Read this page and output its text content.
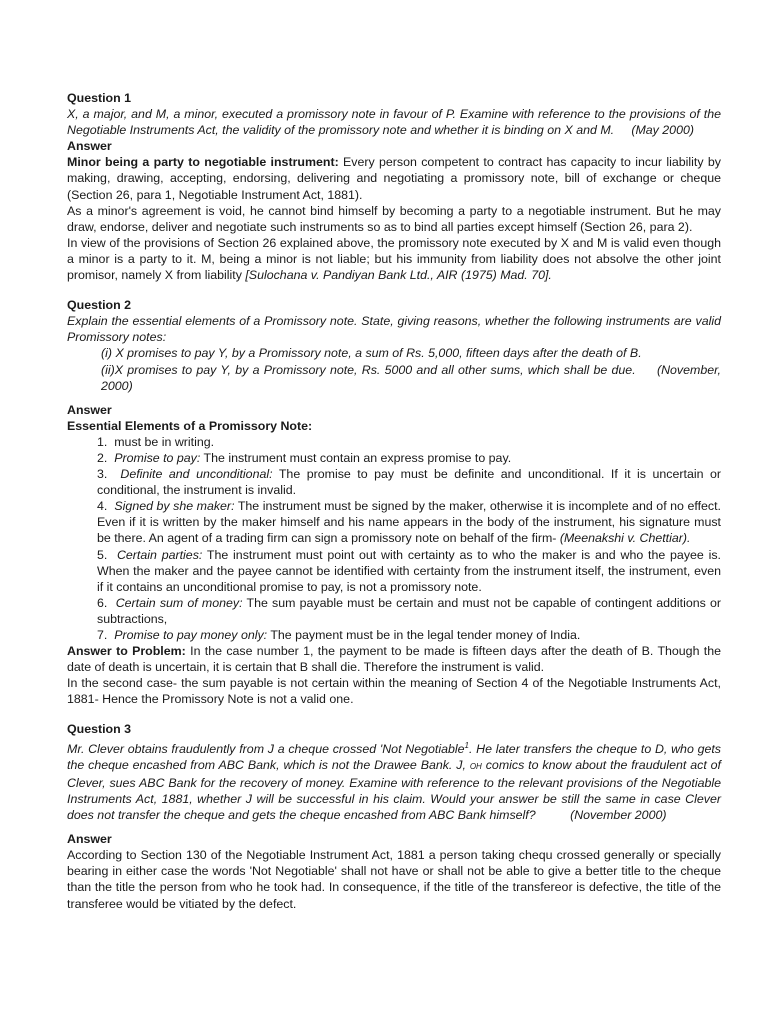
Question 1

X, a major, and M, a minor, executed a promissory note in favour of P. Examine with reference to the provisions of the Negotiable Instruments Act, the validity of the promissory note and whether it is binding on X and M. (May 2000)

Answer

Minor being a party to negotiable instrument: Every person competent to contract has capacity to incur liability by making, drawing, accepting, endorsing, delivering and negotiating a promissory note, bill of exchange or cheque (Section 26, para 1, Negotiable Instrument Act, 1881).

As a minor's agreement is void, he cannot bind himself by becoming a party to a negotiable instrument. But he may draw, endorse, deliver and negotiate such instruments so as to bind all parties except himself (Section 26, para 2).

In view of the provisions of Section 26 explained above, the promissory note executed by X and M is valid even though a minor is a party to it. M, being a minor is not liable; but his immunity from liability does not absolve the other joint promisor, namely X from liability [Sulochana v. Pandiyan Bank Ltd., AIR (1975) Mad. 70].

Question 2

Explain the essential elements of a Promissory note. State, giving reasons, whether the following instruments are valid Promissory notes:

(i) X promises to pay Y, by a Promissory note, a sum of Rs. 5,000, fifteen days after the death of B.

(ii)X promises to pay Y, by a Promissory note, Rs. 5000 and all other sums, which shall be due. (November, 2000)

Answer

Essential Elements of a Promissory Note:

1. must be in writing.

2. Promise to pay: The instrument must contain an express promise to pay.

3. Definite and unconditional: The promise to pay must be definite and unconditional. If it is uncertain or conditional, the instrument is invalid.

4. Signed by she maker: The instrument must be signed by the maker, otherwise it is incomplete and of no effect. Even if it is written by the maker himself and his name appears in the body of the instrument, his signature must be there. An agent of a trading firm can sign a promissory note on behalf of the firm- (Meenakshi v. Chettiar).

5. Certain parties: The instrument must point out with certainty as to who the maker is and who the payee is. When the maker and the payee cannot be identified with certainty from the instrument itself, the instrument, even if it contains an unconditional promise to pay, is not a promissory note.

6. Certain sum of money: The sum payable must be certain and must not be capable of contingent additions or subtractions,

7. Promise to pay money only: The payment must be in the legal tender money of India.

Answer to Problem: In the case number 1, the payment to be made is fifteen days after the death of B. Though the date of death is uncertain, it is certain that B shall die. Therefore the instrument is valid.

In the second case- the sum payable is not certain within the meaning of Section 4 of the Negotiable Instruments Act, 1881- Hence the Promissory Note is not a valid one.

Question 3

Mr. Clever obtains fraudulently from J a cheque crossed 'Not Negotiable$^1$. He later transfers the cheque to D, who gets the cheque encashed from ABC Bank, which is not the Drawee Bank. J, OH comics to know about the fraudulent act of Clever, sues ABC Bank for the recovery of money. Examine with reference to the relevant provisions of the Negotiable Instruments Act, 1881, whether J will be successful in his claim. Would your answer be still the same in case Clever does not transfer the cheque and gets the cheque encashed from ABC Bank himself?	(November 2000)

Answer

According to Section 130 of the Negotiable Instrument Act, 1881 a person taking chequ crossed generally or specially bearing in either case the words 'Not Negotiable' shall not have or shall not be able to give a better title to the cheque than the title the person from who he took had. In consequence, if the title of the transfereor is defective, the title of the transferee would be vitiated by the defect.
